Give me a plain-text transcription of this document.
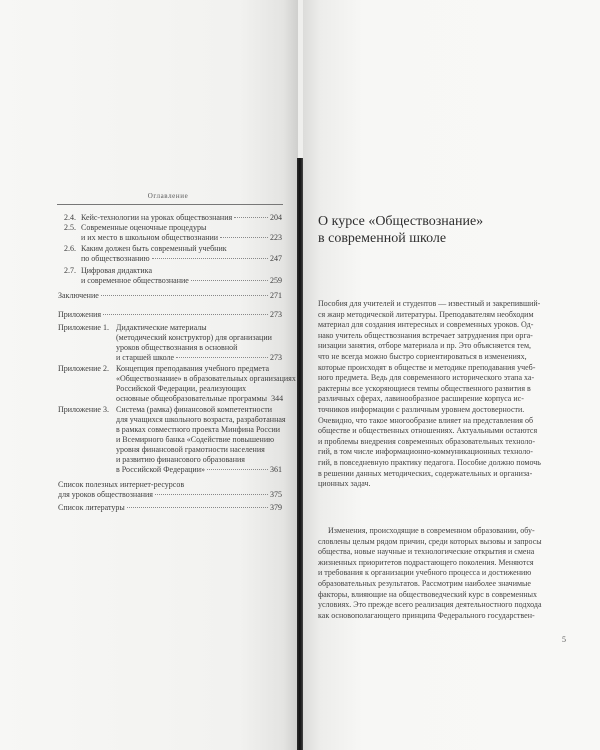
Оглавление
2.4. Кейс-технологии на уроках обществознания	204
2.5. Современные оценочные процедуры
и их место в школьном обществознании	223
2.6. Каким должен быть современный учебник
по обществознанию	247
2.7. Цифровая дидактика
и современное обществознание	259
Заключение	271
Приложения	273
Приложение 1. Дидактические материалы
(методический конструктор) для организации
уроков обществознания в основной
и старшей школе	273
Приложение 2. Концепция преподавания учебного предмета
«Обществознание» в образовательных организациях
Российской Федерации, реализующих
основные общеобразовательные программы 344
Приложение 3. Система (рамка) финансовой компетентности
для учащихся школьного возраста, разработанная
в рамках совместного проекта Минфина России
и Всемирного банка «Содействие повышению
уровня финансовой грамотности населения
и развитию финансового образования
в Российской Федерации»	361
Список полезных интернет-ресурсов
для уроков обществознания	375
Список литературы	379
О курсе «Обществознание»
в современной школе
Пособия для учителей и студентов — известный и закрепивший-
ся жанр методической литературы. Преподавателям необходим
материал для создания интересных и современных уроков. Од-
нако учитель обществознания встречает затруднения при орга-
низации занятия, отборе материала и пр. Это объясняется тем,
что не всегда можно быстро сориентироваться в изменениях,
которые происходят в обществе и методике преподавания учеб-
ного предмета. Ведь для современного исторического этапа ха-
рактерны все ускоряющиеся темпы общественного развития в
различных сферах, лавинообразное расширение корпуса ис-
точников информации с различным уровнем достоверности.
Очевидно, что такое многообразие влияет на представления об
обществе и общественных отношениях. Актуальными остаются
и проблемы внедрения современных образовательных техноло-
гий, в том числе информационно-коммуникационных техноло-
гий, в повседневную практику педагога. Пособие должно помочь
в решении данных методических, содержательных и организа-
ционных задач.
Изменения, происходящие в современном образовании, обу-
словлены целым рядом причин, среди которых вызовы и запросы
общества, новые научные и технологические открытия и смена
жизненных приоритетов подрастающего поколения. Меняются
и требования к организации учебного процесса и достижению
образовательных результатов. Рассмотрим наиболее значимые
факторы, влияющие на обществоведческий курс в современных
условиях. Это прежде всего реализация деятельностного подхода
как основополагающего принципа Федерального государствен-
5
